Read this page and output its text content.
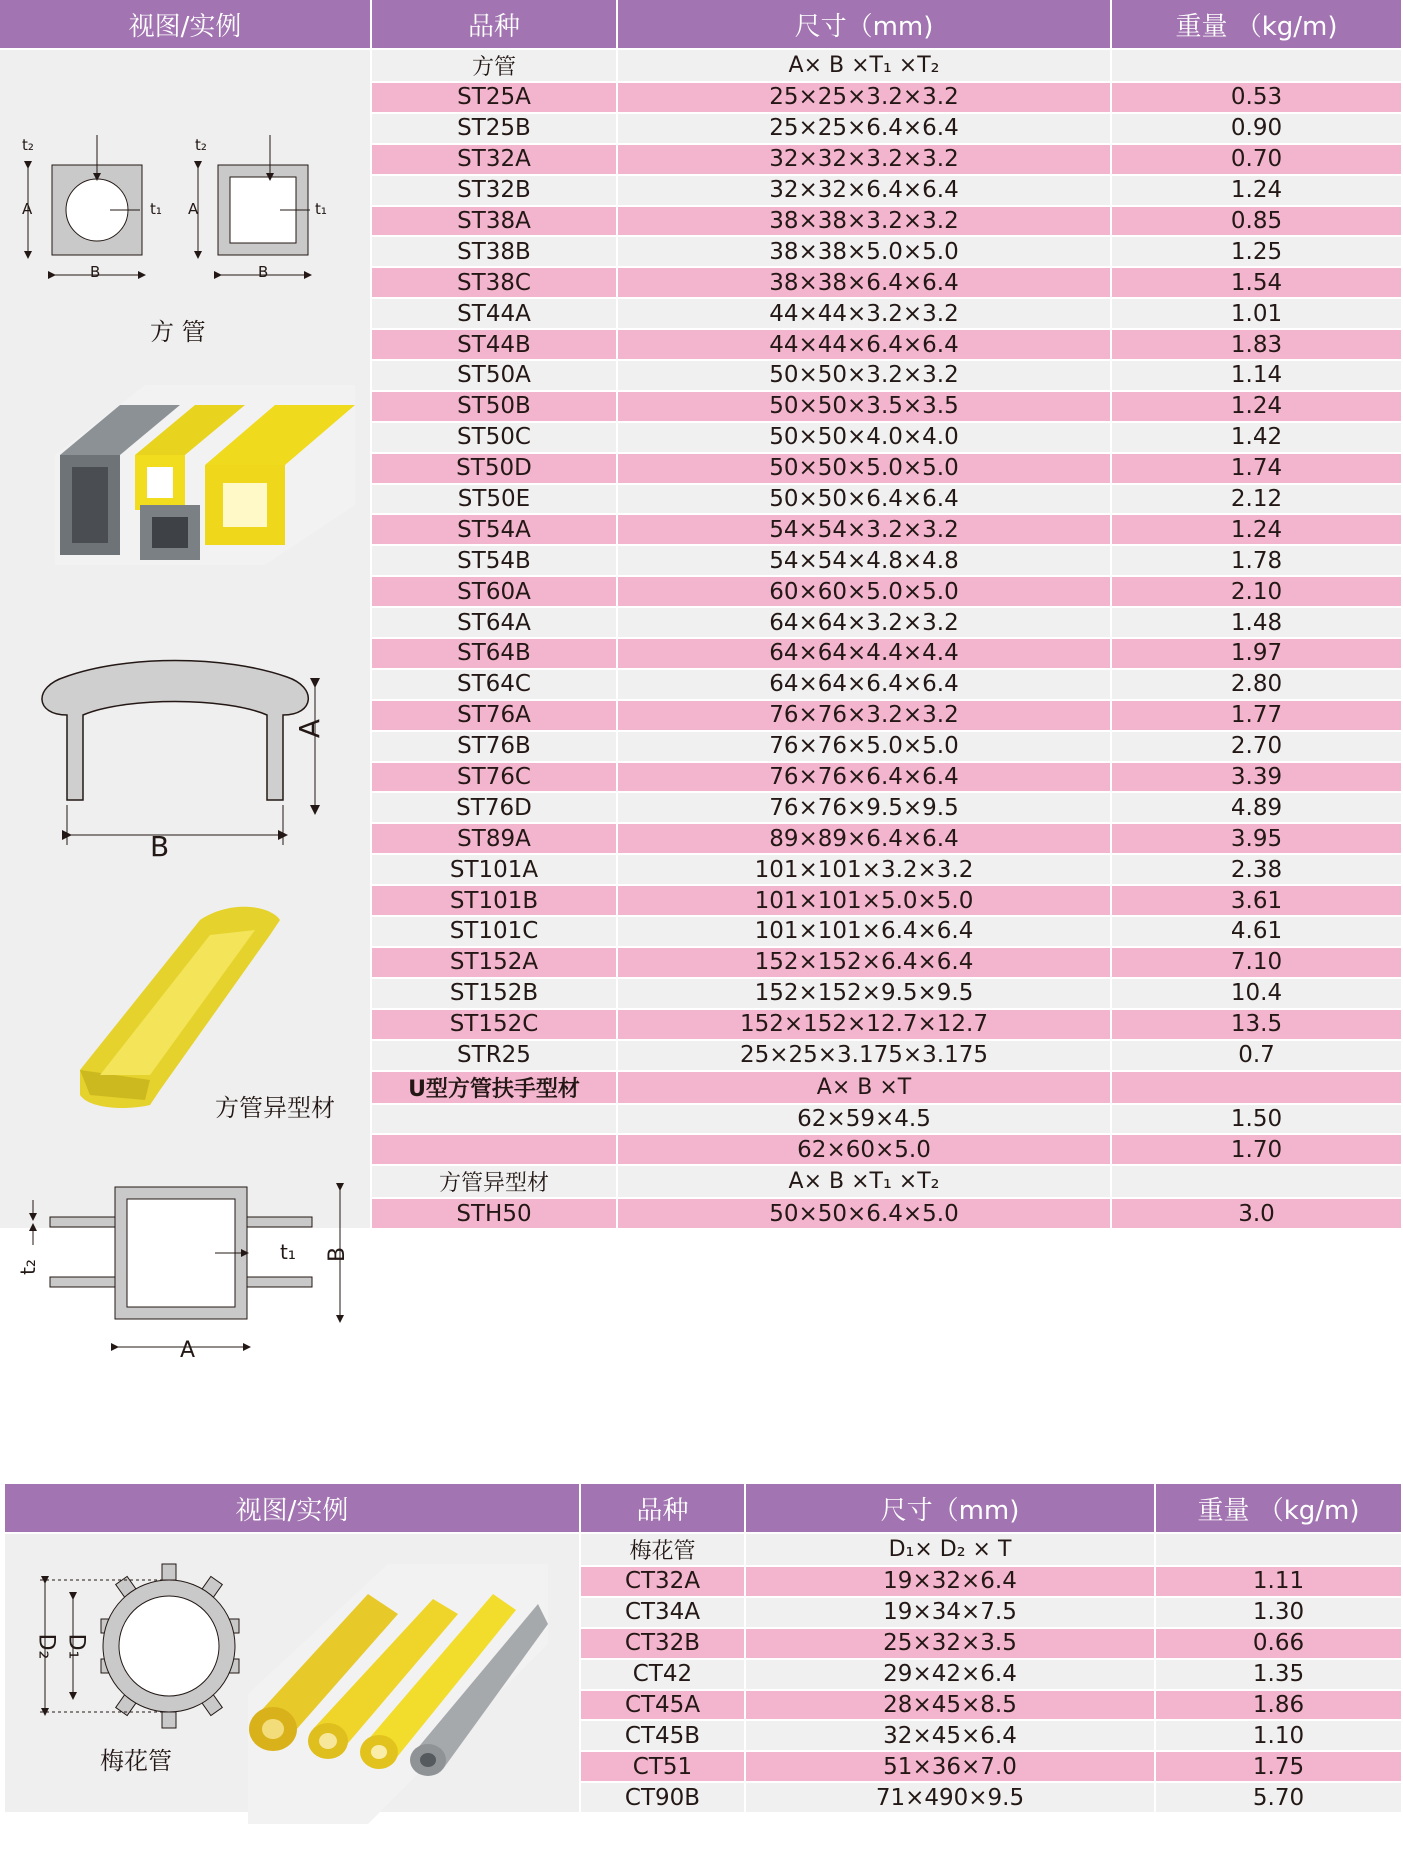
视图/实例	品种	尺寸（mm)	重量 （kg/m)
	方管	A× B ×T₁ ×T₂	
	ST25A	25×25×3.2×3.2	0.53
	ST25B	25×25×6.4×6.4	0.90
	ST32A	32×32×3.2×3.2	0.70
	ST32B	32×32×6.4×6.4	1.24
	ST38A	38×38×3.2×3.2	0.85
	ST38B	38×38×5.0×5.0	1.25
	ST38C	38×38×6.4×6.4	1.54
	ST44A	44×44×3.2×3.2	1.01
	ST44B	44×44×6.4×6.4	1.83
	ST50A	50×50×3.2×3.2	1.14
	ST50B	50×50×3.5×3.5	1.24
	ST50C	50×50×4.0×4.0	1.42
	ST50D	50×50×5.0×5.0	1.74
	ST50E	50×50×6.4×6.4	2.12
	ST54A	54×54×3.2×3.2	1.24
	ST54B	54×54×4.8×4.8	1.78
	ST60A	60×60×5.0×5.0	2.10
	ST64A	64×64×3.2×3.2	1.48
	ST64B	64×64×4.4×4.4	1.97
	ST64C	64×64×6.4×6.4	2.80
	ST76A	76×76×3.2×3.2	1.77
	ST76B	76×76×5.0×5.0	2.70
	ST76C	76×76×6.4×6.4	3.39
	ST76D	76×76×9.5×9.5	4.89
	ST89A	89×89×6.4×6.4	3.95
	ST101A	101×101×3.2×3.2	2.38
	ST101B	101×101×5.0×5.0	3.61
	ST101C	101×101×6.4×6.4	4.61
	ST152A	152×152×6.4×6.4	7.10
	ST152B	152×152×9.5×9.5	10.4
	ST152C	152×152×12.7×12.7	13.5
	STR25	25×25×3.175×3.175	0.7
	U型方管扶手型材	A× B ×T	
		62×59×4.5	1.50
		62×60×5.0	1.70
	方管异型材	A× B ×T₁ ×T₂	
	STH50	50×50×6.4×5.0	3.0
视图/实例	品种	尺寸（mm)	重量 （kg/m)
	梅花管	D₁× D₂ × T	
	CT32A	19×32×6.4	1.11
	CT34A	19×34×7.5	1.30
	CT32B	25×32×3.5	0.66
	CT42	29×42×6.4	1.35
	CT45A	28×45×8.5	1.86
	CT45B	32×45×6.4	1.10
	CT51	51×36×7.0	1.75
	CT90B	71×490×9.5	5.70
t₂
t₁
A
B
t₂
t₁
A
B
方 管
A
B
方管异型材
A
B
t₂
t₁
D₂ D₁
梅花管
